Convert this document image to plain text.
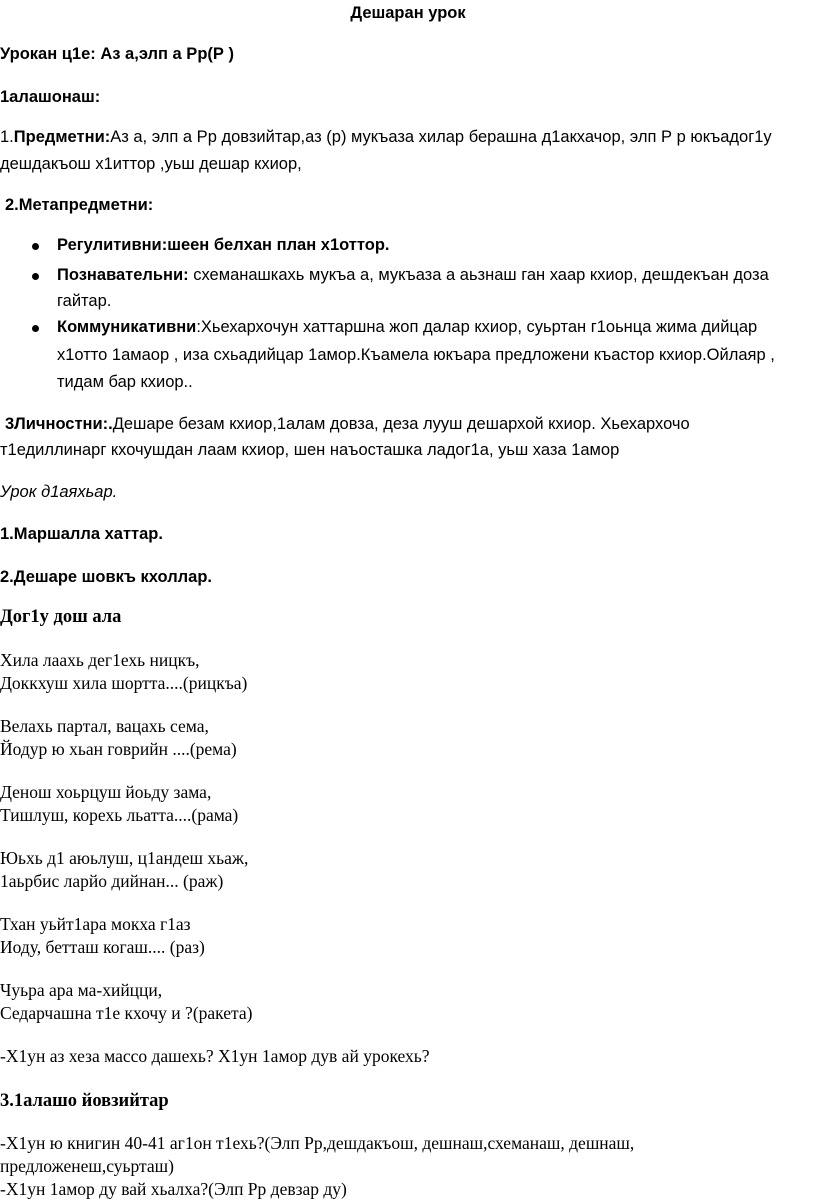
Дешаран урок
Урокан ц1е: Аз а,элп а Рр(Р )
1алашонаш:
1.Предметни:Аз а, элп а Рр довзийтар,аз (р) мукъаза хилар берашна д1акхачор, элп Р р юкъадог1у
дешдакъош х1иттор ,уьш дешар кхиор,
2.Метапредметни:
Регулитивни:шеен белхан план х1оттор.
Познавательни: схеманашкахь мукъа а, мукъаза а аьзнаш ган хаар кхиор, дешдекъан доза
гайтар.
Коммуникативни:Хьехархочун хаттаршна жоп далар кхиор, суьртан г1оьнца жима дийцар
х1отто 1амаор , иза схьадийцар 1амор.Къамела юкъара предложени къастор кхиор.Ойлаяр ,
тидам бар кхиор..
3Личностни:.Дешаре безам кхиор,1алам довза, деза лууш дешархой кхиор. Хьехархочо
т1едиллинарг кхочушдан лаам кхиор, шен наъосташка ладог1а, уьш хаза 1амор
Урок д1аяхьар.
1.Маршалла хаттар.
2.Дешаре шовкъ кхоллар.
Дог1у дош ала
Хила лаахь дег1ехь ницкъ,
Доккхуш хила шортта....(рицкъа)
Велахь партал, вацахь сема,
Йодур ю хьан говрийн ....(рема)
Денош хоьрцуш йоьду зама,
Тишлуш, корехь льатта....(рама)
Юьхь д1 аюьлуш, ц1андеш хьаж,
1аьрбис ларйо дийнан... (раж)
Тхан уьйт1ара мокха г1аз
Иоду, бетташ когаш.... (раз)
Чуьра ара ма-хийцци,
Седарчашна т1е кхочу и ?(ракета)
-Х1ун аз хеза массо дашехь? Х1ун 1амор дув ай урокехь?
3.1алашо йовзийтар
-Х1ун ю книгин 40-41 аг1он т1ехь?(Элп Рр,дешдакъош, дешнаш,схеманаш, дешнаш,
предложенеш,суьрташ)
-Х1ун 1амор ду вай хьалха?(Элп Рр девзар ду)
